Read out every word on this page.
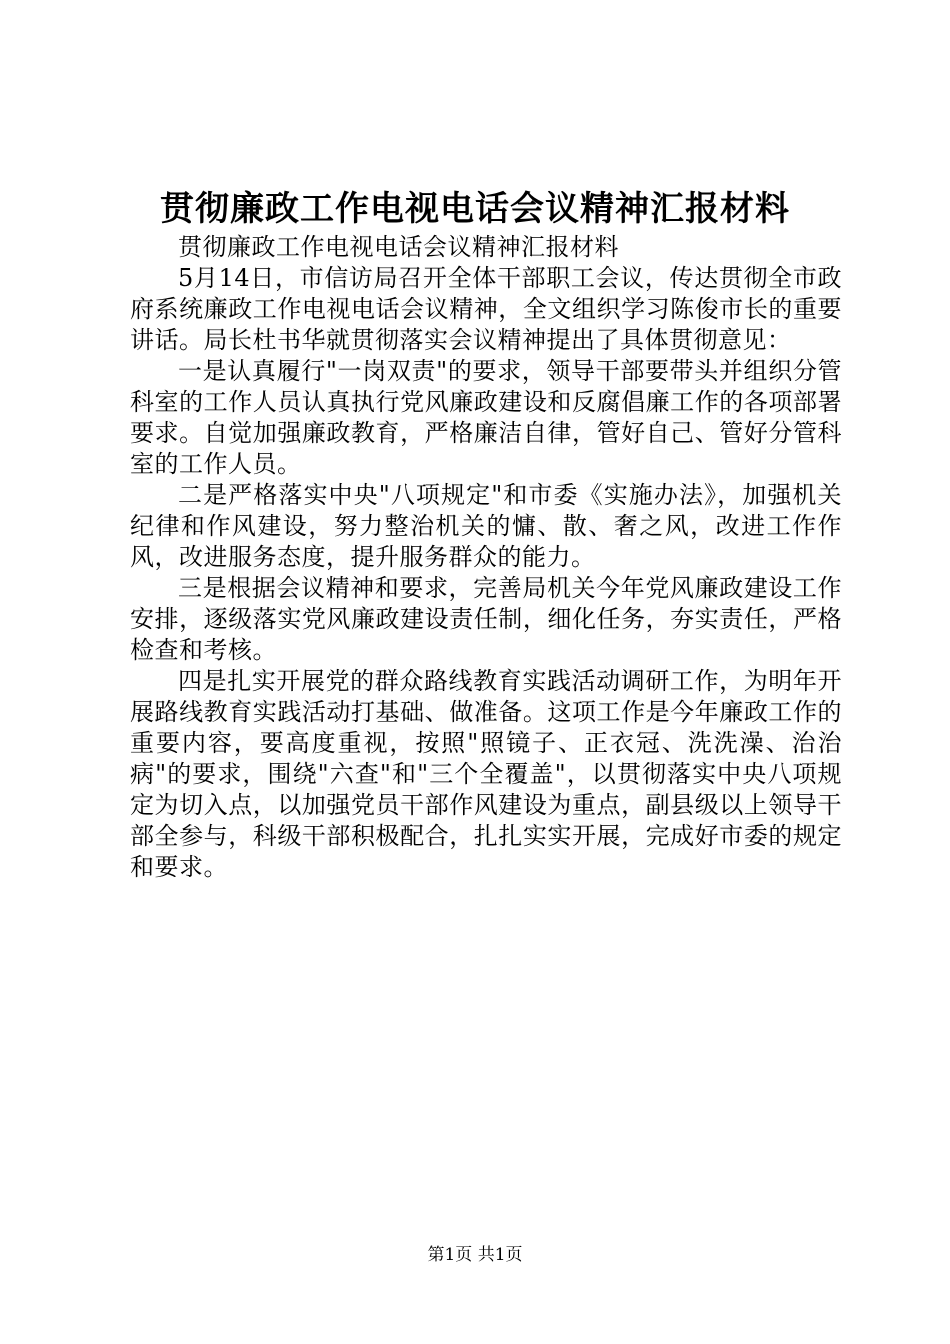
贯彻廉政工作电视电话会议精神汇报材料

贯彻廉政工作电视电话会议精神汇报材料

5月14日，市信访局召开全体干部职工会议，传达贯彻全市政府系统廉政工作电视电话会议精神，全文组织学习陈俊市长的重要讲话。局长杜书华就贯彻落实会议精神提出了具体贯彻意见：

一是认真履行"一岗双责"的要求，领导干部要带头并组织分管科室的工作人员认真执行党风廉政建设和反腐倡廉工作的各项部署要求。自觉加强廉政教育，严格廉洁自律，管好自己、管好分管科室的工作人员。

二是严格落实中央"八项规定"和市委《实施办法》，加强机关纪律和作风建设，努力整治机关的慵、散、奢之风，改进工作作风，改进服务态度，提升服务群众的能力。

三是根据会议精神和要求，完善局机关今年党风廉政建设工作安排，逐级落实党风廉政建设责任制，细化任务，夯实责任，严格检查和考核。

四是扎实开展党的群众路线教育实践活动调研工作，为明年开展路线教育实践活动打基础、做准备。这项工作是今年廉政工作的重要内容，要高度重视，按照"照镜子、正衣冠、洗洗澡、治治病"的要求，围绕"六查"和"三个全覆盖"，以贯彻落实中央八项规定为切入点，以加强党员干部作风建设为重点，副县级以上领导干部全参与，科级干部积极配合，扎扎实实开展，完成好市委的规定和要求。

第1页 共1页
